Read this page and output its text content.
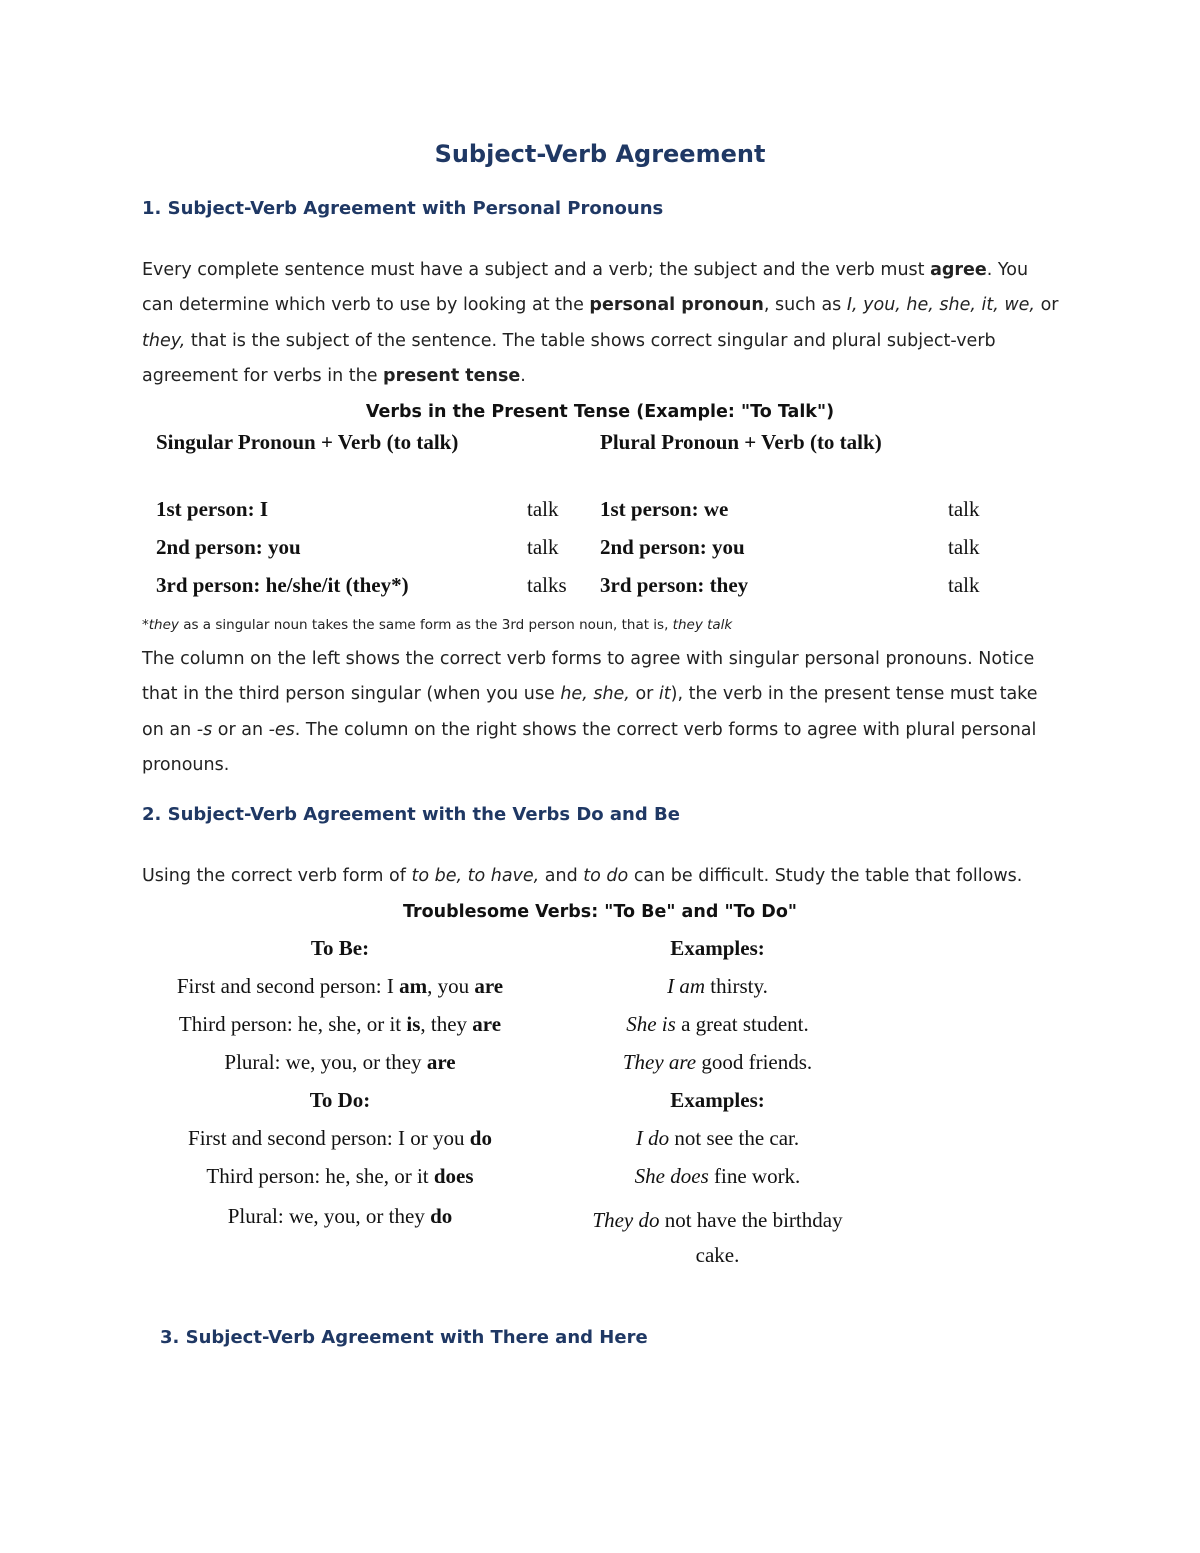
Subject-Verb Agreement
1. Subject-Verb Agreement with Personal Pronouns

Every complete sentence must have a subject and a verb; the subject and the verb must agree. You can determine which verb to use by looking at the personal pronoun, such as I, you, he, she, it, we, or they, that is the subject of the sentence. The table shows correct singular and plural subject-verb agreement for verbs in the present tense.

Verbs in the Present Tense (Example: "To Talk")
Singular Pronoun + Verb (to talk)	Plural Pronoun + Verb (to talk)
1st person: I	talk 1st person: we	talk
2nd person: you	talk 2nd person: you	talk
3rd person: he/she/it (they*)	talks 3rd person: they	talk
*they as a singular noun takes the same form as the 3rd person noun, that is, they talk

The column on the left shows the correct verb forms to agree with singular personal pronouns. Notice that in the third person singular (when you use he, she, or it), the verb in the present tense must take on an -s or an -es. The column on the right shows the correct verb forms to agree with plural personal pronouns.

2. Subject-Verb Agreement with the Verbs Do and Be

Using the correct verb form of to be, to have, and to do can be difficult. Study the table that follows.

Troublesome Verbs: "To Be" and "To Do"
To Be:	Examples:
First and second person: I am, you are	I am thirsty.
Third person: he, she, or it is, they are	She is a great student.
Plural: we, you, or they are	They are good friends.
To Do:	Examples:
First and second person: I or you do	I do not see the car.
Third person: he, she, or it does	She does fine work.
Plural: we, you, or they do	They do not have the birthday cake.
3. Subject-Verb Agreement with There and Here
